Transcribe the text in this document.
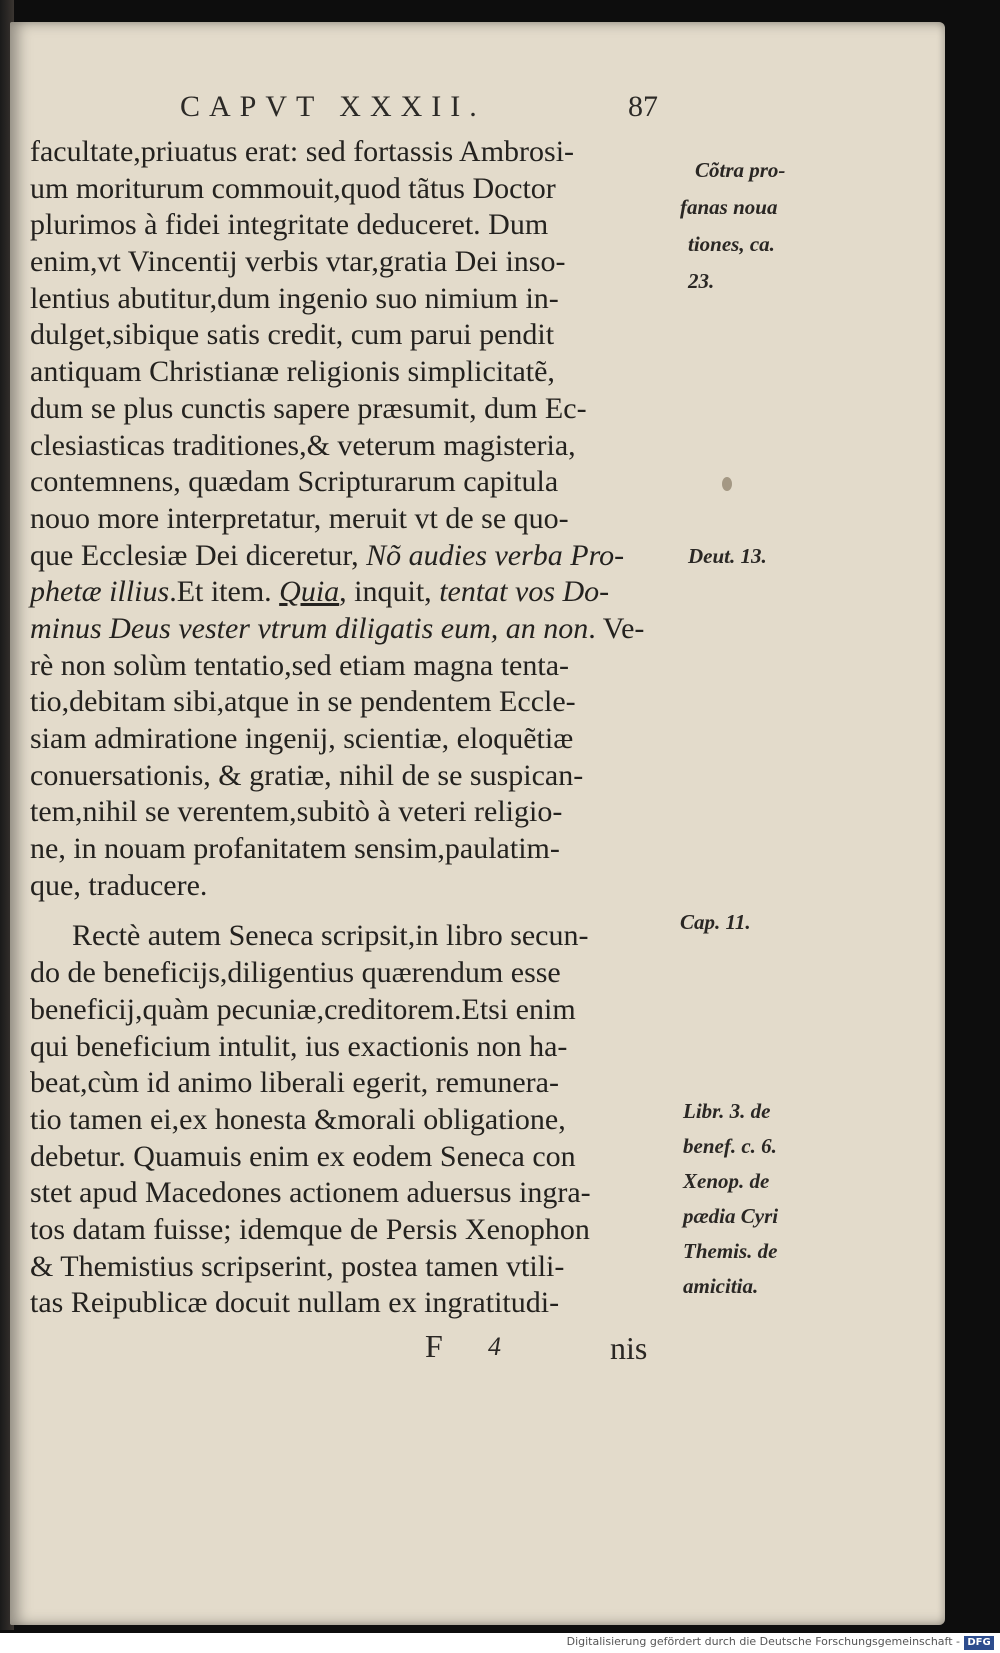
CAPVT XXXII.	87
facultate,priuatus erat: sed fortassis Ambrosi-
um moriturum commouit,quod tãtus Doctor
plurimos à fidei integritate deduceret. Dum
enim,vt Vincentij verbis vtar,gratia Dei inso-
lentius abutitur,dum ingenio suo nimium in-
dulget,sibique satis credit, cum parui pendit
antiquam Christianæ religionis simplicitatẽ,
dum se plus cunctis sapere præsumit, dum Ec-
clesiasticas traditiones,& veterum magisteria,
contemnens, quædam Scripturarum capitula
nouo more interpretatur, meruit vt de se quo-
que Ecclesiæ Dei diceretur, Nõ audies verba Pro-
phetæ illius.Et item. Quia, inquit, tentat vos Do-
minus Deus vester vtrum diligatis eum, an non. Ve-
rè non solùm tentatio,sed etiam magna tenta-
tio,debitam sibi,atque in se pendentem Eccle-
siam admiratione ingenij, scientiæ, eloquẽtiæ
conuersationis, & gratiæ, nihil de se suspican-
tem,nihil se verentem,subitò à veteri religio-
ne, in nouam profanitatem sensim,paulatim-
que, traducere.
Rectè autem Seneca scripsit,in libro secun-
do de beneficijs,diligentius quærendum esse
beneficij,quàm pecuniæ,creditorem.Etsi enim
qui beneficium intulit, ius exactionis non ha-
beat,cùm id animo liberali egerit, remunera-
tio tamen ei,ex honesta &morali obligatione,
debetur. Quamuis enim ex eodem Seneca con
stet apud Macedones actionem aduersus ingra-
tos datam fuisse; idemque de Persis Xenophon
& Themistius scripserint, postea tamen vtili-
tas Reipublicæ docuit nullam ex ingratitudi-
Cõtra pro-
fanas noua
tiones, ca.
23.
Deut. 13.
Cap. 11.
Libr. 3. de
benef. c. 6.
Xenop. de
pædia Cyri
Themis. de
amicitia.
F 4	nis
Digitalisierung gefördert durch die Deutsche Forschungsgemeinschaft - DFG
